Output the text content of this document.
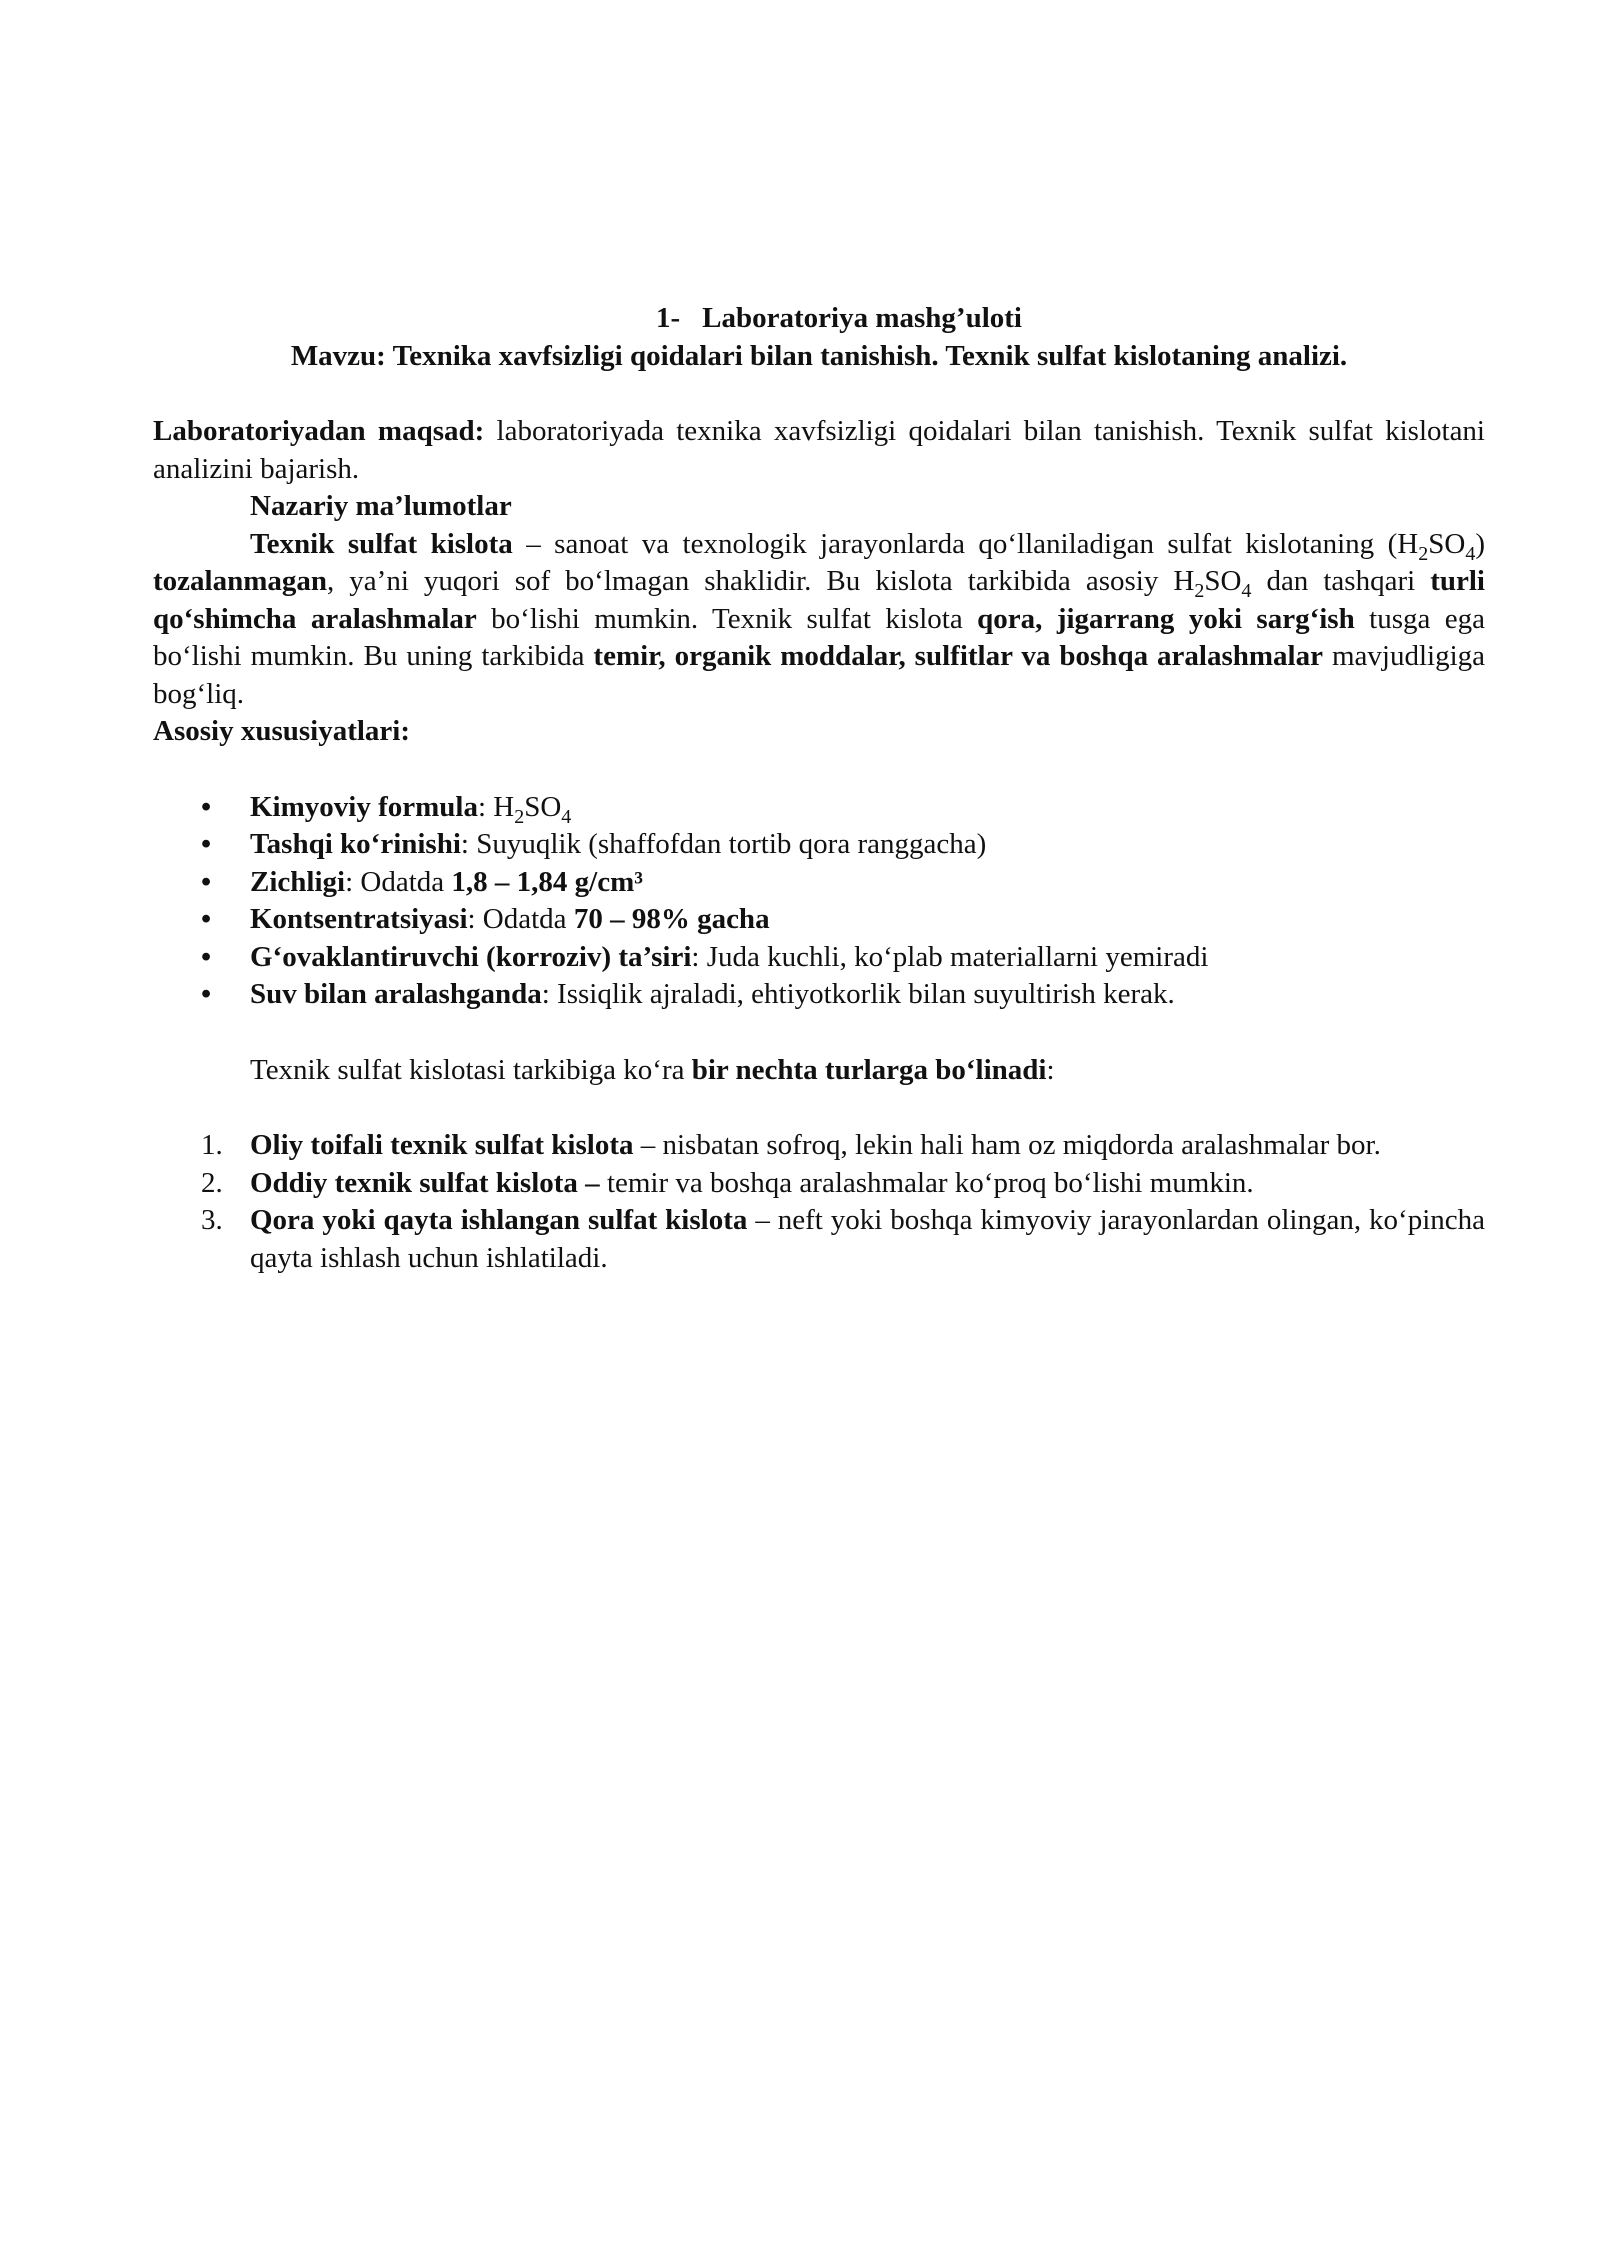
1- Laboratoriya mashg’uloti
Mavzu: Texnika xavfsizligi qoidalari bilan tanishish. Texnik sulfat kislotaning analizi.
Laboratoriyadan maqsad: laboratoriyada texnika xavfsizligi qoidalari bilan tanishish. Texnik sulfat kislotani analizini bajarish.
Nazariy ma’lumotlar
Texnik sulfat kislota – sanoat va texnologik jarayonlarda qo‘llaniladigan sulfat kislotaning $(H_2SO_4)$ tozalanmagan, ya’ni yuqori sof bo‘lmagan shaklidir. Bu kislota tarkibida asosiy $H_2SO_4$ dan tashqari turli qo‘shimcha aralashmalar bo‘lishi mumkin. Texnik sulfat kislota qora, jigarrang yoki sarg‘ish tusga ega bo‘lishi mumkin. Bu uning tarkibida temir, organik moddalar, sulfitlar va boshqa aralashmalar mavjudligiga bog‘liq.
Asosiy xususiyatlari:
• Kimyoviy formula: $H_2SO_4$
• Tashqi ko‘rinishi: Suyuqlik (shaffofdan tortib qora ranggacha)
• Zichligi: Odatda 1,8 – 1,84 g/cm³
• Kontsentratsiyasi: Odatda 70 – 98% gacha
• G‘ovaklantiruvchi (korroziv) ta’siri: Juda kuchli, ko‘plab materiallarni yemiradi
• Suv bilan aralashganda: Issiqlik ajraladi, ehtiyotkorlik bilan suyultirish kerak.
Texnik sulfat kislotasi tarkibiga ko‘ra bir nechta turlarga bo‘linadi:
1. Oliy toifali texnik sulfat kislota – nisbatan sofroq, lekin hali ham oz miqdorda aralashmalar bor.
2. Oddiy texnik sulfat kislota – temir va boshqa aralashmalar ko‘proq bo‘lishi mumkin.
3. Qora yoki qayta ishlangan sulfat kislota – neft yoki boshqa kimyoviy jarayonlardan olingan, ko‘pincha qayta ishlash uchun ishlatiladi.
